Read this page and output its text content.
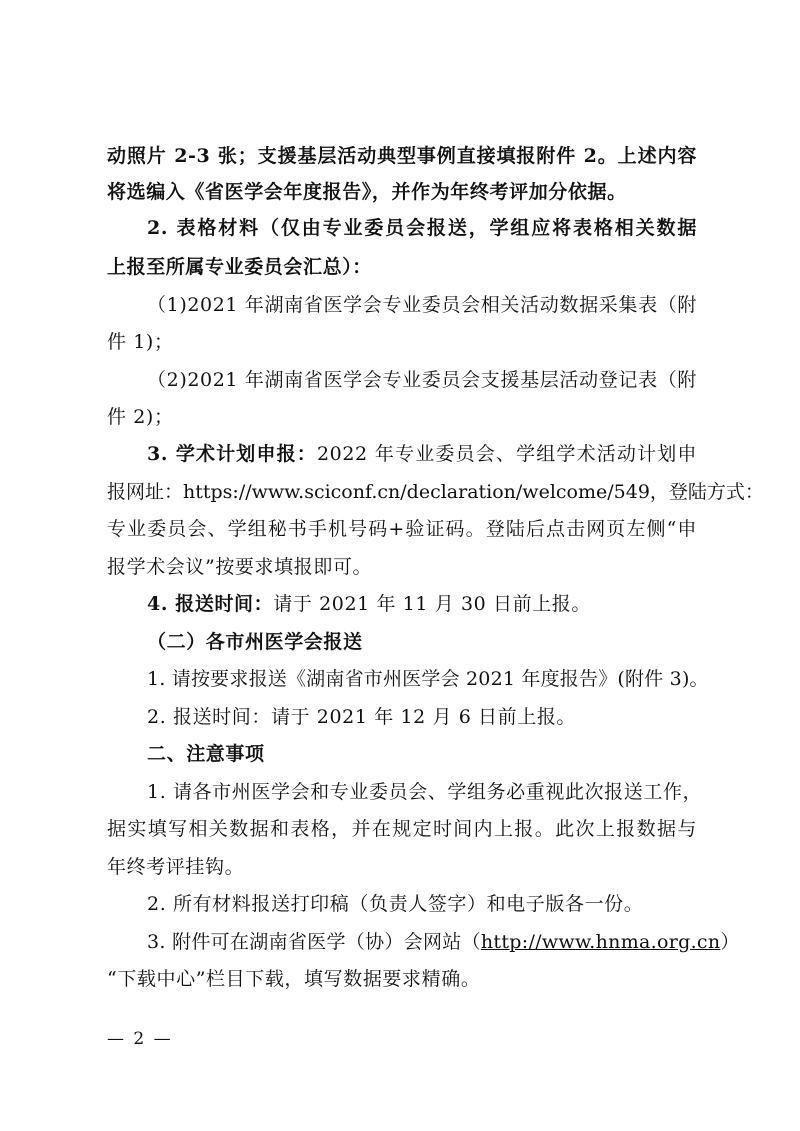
动照片 2-3 张；支援基层活动典型事例直接填报附件 2。上述内容
将选编入《省医学会年度报告》，并作为年终考评加分依据。
2. 表格材料（仅由专业委员会报送，学组应将表格相关数据
上报至所属专业委员会汇总）：
（1)2021 年湖南省医学会专业委员会相关活动数据采集表（附
件 1)；
（2)2021 年湖南省医学会专业委员会支援基层活动登记表（附
件 2)；
3. 学术计划申报：2022 年专业委员会、学组学术活动计划申
报网址：https://www.sciconf.cn/declaration/welcome/549，登陆方式：
专业委员会、学组秘书手机号码+验证码。登陆后点击网页左侧“申
报学术会议”按要求填报即可。
4. 报送时间：请于 2021 年 11 月 30 日前上报。
（二）各市州医学会报送
1. 请按要求报送《湖南省市州医学会 2021 年度报告》(附件 3)。
2. 报送时间：请于 2021 年 12 月 6 日前上报。
二、注意事项
1. 请各市州医学会和专业委员会、学组务必重视此次报送工作，
据实填写相关数据和表格，并在规定时间内上报。此次上报数据与
年终考评挂钩。
2. 所有材料报送打印稿（负责人签字）和电子版各一份。
3. 附件可在湖南省医学（协）会网站（http://www.hnma.org.cn）
“下载中心”栏目下载，填写数据要求精确。
— 2 —
